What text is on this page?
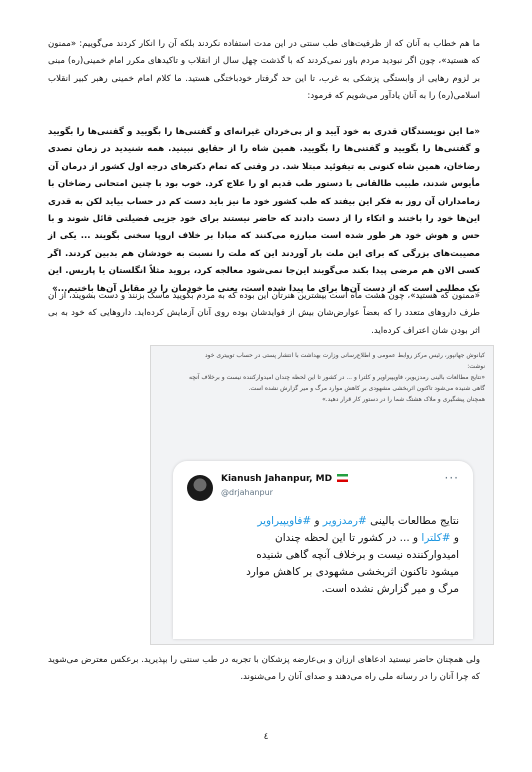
ما هم خطاب به آنان که از ظرفیت‌های طب سنتی در این مدت استفاده نکردند بلکه آن را انکار کردند می‌گوییم: «ممنون که هستید»، چون اگر نبودید مردم باور نمی‌کردند که با گذشت چهل سال از انقلاب و تاکیدهای مکرر امام خمینی(ره) مبنی بر لزوم رهایی از وابستگی پزشکی به غرب، تا این حد گرفتار خودباختگی هستید. ما کلام امام خمینی رهبر کبیر انقلاب اسلامی(ره) را به آنان یادآور می‌شویم که فرمود:

«ما این نویسندگان قدری به خود آیید و از بی‌خردان غیرانه‌ای و گفتنی‌ها را بگویید و گفتنی‌ها را بگویید و گفتنی‌ها را بگویید و گفتنی‌ها را بگویید. همین شاه را از حقایق نبینید. همه شنیدید در زمان تصدی رضاخان، همین شاه کنونی به تیفوئید مبتلا شد. در وقتی که تمام دکترهای درجه اول کشور از درمان آن مأیوس شدند، طبیب طالقانی با دستور طب قدیم او را علاج کرد. خوب بود با چنین امتحانی رضاخان با زمامداران آن روز به فکر این بیفتد که طب کشور خود ما نیز باید دست کم در حساب بیاید لکن به قدری این‌ها خود را باختند و اتکاء را از دست دادند که حاضر نیستند برای خود جزیی فضیلتی قائل شوند و با حس و هوش خود هر طور شده است مبارزه می‌کنند که مبادا بر خلاف اروپا سخنی بگویند ... یکی از مصیبت‌های بزرگی که برای این ملت بار آوردند این که ملت را نسبت به خودشان هم بدبین کردند. اگر کسی الان هم مرضی پیدا بکند می‌گویند این‌جا نمی‌شود معالجه کرد، بروید مثلاً انگلستان یا پاریس. این یک مطلبی است که از دست آن‌ها برای ما پیدا شده است، یعنی ما خودمان را در مقابل آن‌ها باختیم...»

«ممنون که هستید»، چون هشت ماه است بیشترین هنرتان این بوده که به مردم بگویید ماسک بزنند و دست بشویند، از آن طرف داروهای متعدد را که بعضاً عوارض‌شان بیش از فوایدشان بوده روی آنان آزمایش کرده‌اید. داروهایی که خود به بی اثر بودن شان اعتراف کرده‌اید.

کیانوش جهانپور، رئیس مرکز روابط عمومی و اطلاع‌رسانی وزارت بهداشت با انتشار پستی در حساب توییتری خود

نوشت:

«نتایج مطالعات بالینی رمدزیویر، فاویپیراویر و کلترا و ... در کشور تا این لحظه چندان امیدوارکننده نیست و برخلاف آنچه

گاهی شنیده می‌شود تاکنون اثربخشی مشهودی بر کاهش موارد مرگ و میر گزارش نشده است.

همچنان پیشگیری و ملاک هشتگ شما را در دستور کار قرار دهید.»

Kianush Jahanpur, MD
@drjahanpur
···

نتایج مطالعات بالینی #رمدزویر و #فاویپیراویر

و #کلترا و ... در کشور تا این لحظه چندان

امیدوارکننده نیست و برخلاف آنچه گاهی شنیده

میشود تاکنون اثربخشی مشهودی بر کاهش موارد

مرگ و میر گزارش نشده است.

ولی همچنان حاضر نیستید ادعاهای ارزان و بی‌عارضه پزشکان با تجربه در طب سنتی را بپذیرید. برعکس معترض می‌شوید که چرا آنان را در رسانه ملی راه می‌دهند و صدای آنان را می‌شنوند.

٤
